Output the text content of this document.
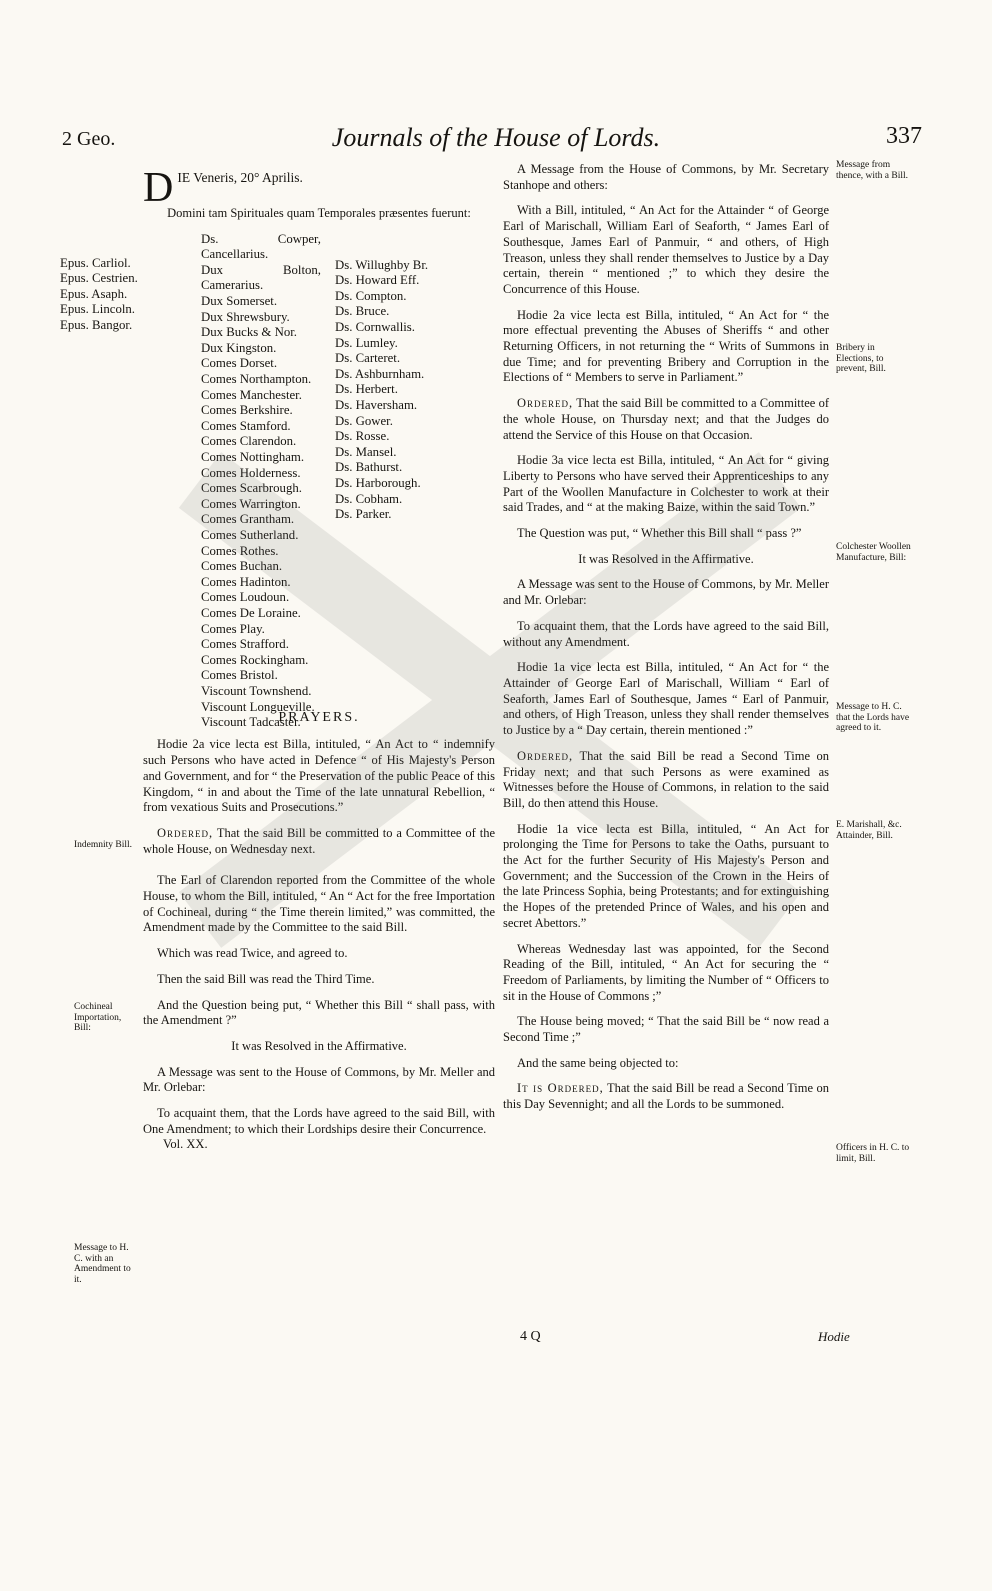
2 Geo.	Journals of the House of Lords.	337
D IE Veneris, 20° Aprilis.

Domini tam Spirituales quam Temporales præsentes fuerunt:

Epus. Carliol.
Epus. Cestrien.
Epus. Asaph.
Epus. Lincoln.
Epus. Bangor.
Ds. Cowper, Cancellarius.
Dux Bolton, Camerarius.
Dux Somerset.
Dux Shrewsbury.
Dux Bucks & Nor.
Dux Kingston.
Comes Dorset.
Comes Northampton.
Comes Manchester.
Comes Berkshire.
Comes Stamford.
Comes Clarendon.
Comes Nottingham.
Comes Holderness.
Comes Scarbrough.
Comes Warrington.
Comes Grantham.
Comes Sutherland.
Comes Rothes.
Comes Buchan.
Comes Hadinton.
Comes Loudoun.
Comes De Loraine.
Comes Play.
Comes Strafford.
Comes Rockingham.
Comes Bristol.
Viscount Townshend.
Viscount Longueville.
Viscount Tadcaster.
Ds. Willughby Br.
Ds. Howard Eff.
Ds. Compton.
Ds. Bruce.
Ds. Cornwallis.
Ds. Lumley.
Ds. Carteret.
Ds. Ashburnham.
Ds. Herbert.
Ds. Haversham.
Ds. Gower.
Ds. Rosse.
Ds. Mansel.
Ds. Bathurst.
Ds. Harborough.
Ds. Cobham.
Ds. Parker.
PRAYERS.

Hodie 2a vice lecta est Billa, intituled, “ An Act to “ indemnify such Persons who have acted in Defence “ of His Majesty's Person and Government, and for “ the Preservation of the public Peace of this Kingdom, “ in and about the Time of the late unnatural Rebellion, “ from vexatious Suits and Prosecutions.”

Ordered, That the said Bill be committed to a Committee of the whole House, on Wednesday next.

The Earl of Clarendon reported from the Committee of the whole House, to whom the Bill, intituled, “ An “ Act for the free Importation of Cochineal, during “ the Time therein limited,” was committed, the Amendment made by the Committee to the said Bill.

Which was read Twice, and agreed to.

Then the said Bill was read the Third Time.

And the Question being put, “ Whether this Bill “ shall pass, with the Amendment ?”

It was Resolved in the Affirmative.

A Message was sent to the House of Commons, by Mr. Meller and Mr. Orlebar:

To acquaint them, that the Lords have agreed to the said Bill, with One Amendment; to which their Lordships desire their Concurrence.

Vol. XX.

A Message from the House of Commons, by Mr. Secretary Stanhope and others:

With a Bill, intituled, “ An Act for the Attainder “ of George Earl of Marischall, William Earl of Seaforth, “ James Earl of Southesque, James Earl of Panmuir, “ and others, of High Treason, unless they shall render themselves to Justice by a Day certain, therein “ mentioned ;” to which they desire the Concurrence of this House.

Hodie 2a vice lecta est Billa, intituled, “ An Act for “ the more effectual preventing the Abuses of Sheriffs “ and other Returning Officers, in not returning the “ Writs of Summons in due Time; and for preventing Bribery and Corruption in the Elections of “ Members to serve in Parliament.”

Ordered, That the said Bill be committed to a Committee of the whole House, on Thursday next; and that the Judges do attend the Service of this House on that Occasion.

Hodie 3a vice lecta est Billa, intituled, “ An Act for “ giving Liberty to Persons who have served their Apprenticeships to any Part of the Woollen Manufacture in Colchester to work at their said Trades, and “ at the making Baize, within the said Town.”

The Question was put, “ Whether this Bill shall “ pass ?”

It was Resolved in the Affirmative.

A Message was sent to the House of Commons, by Mr. Meller and Mr. Orlebar:

To acquaint them, that the Lords have agreed to the said Bill, without any Amendment.

Hodie 1a vice lecta est Billa, intituled, “ An Act for “ the Attainder of George Earl of Marischall, William “ Earl of Seaforth, James Earl of Southesque, James “ Earl of Panmuir, and others, of High Treason, unless they shall render themselves to Justice by a “ Day certain, therein mentioned :”

Ordered, That the said Bill be read a Second Time on Friday next; and that such Persons as were examined as Witnesses before the House of Commons, in relation to the said Bill, do then attend this House.

Hodie 1a vice lecta est Billa, intituled, “ An Act for prolonging the Time for Persons to take the Oaths, pursuant to the Act for the further Security of His Majesty's Person and Government; and the Succession of the Crown in the Heirs of the late Princess Sophia, being Protestants; and for extinguishing the Hopes of the pretended Prince of Wales, and his open and secret Abettors.”

Whereas Wednesday last was appointed, for the Second Reading of the Bill, intituled, “ An Act for securing the “ Freedom of Parliaments, by limiting the Number of “ Officers to sit in the House of Commons ;”

The House being moved; “ That the said Bill be “ now read a Second Time ;”

And the same being objected to:

It is Ordered, That the said Bill be read a Second Time on this Day Sevennight; and all the Lords to be summoned.

Indemnity Bill.
Cochineal Importation, Bill:
Message to H. C. with an Amendment to it.
Message from thence, with a Bill.
Bribery in Elections, to prevent, Bill.
Colchester Woollen Manufacture, Bill:
Message to H. C. that the Lords have agreed to it.
E. Marishall, &c. Attainder, Bill.
Officers in H. C. to limit, Bill.
4 Q	Hodie
